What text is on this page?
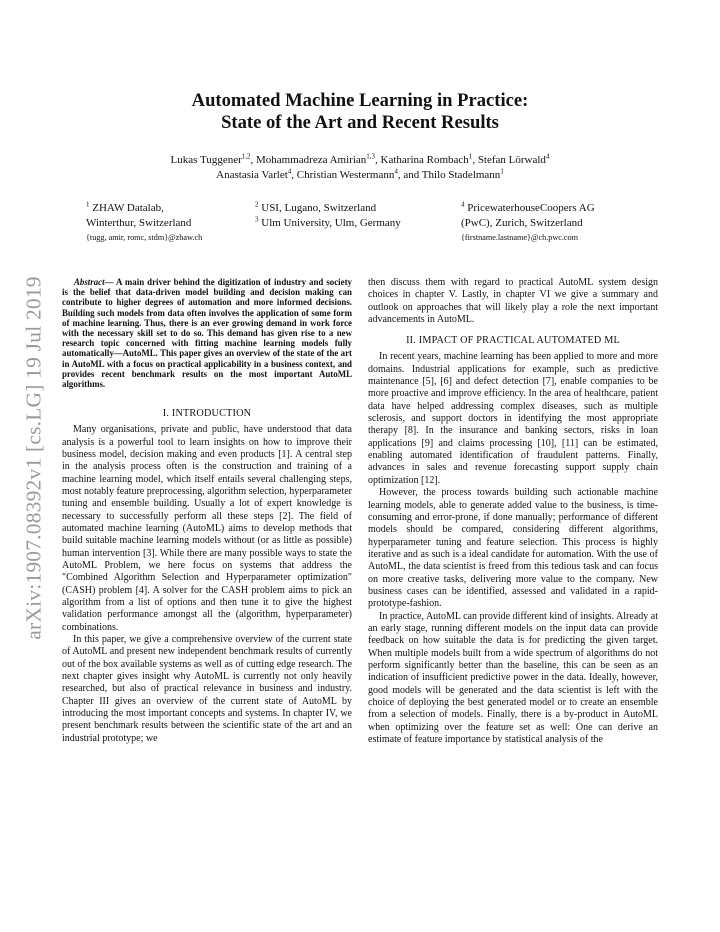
arXiv:1907.08392v1 [cs.LG] 19 Jul 2019
Automated Machine Learning in Practice:
State of the Art and Recent Results
Lukas Tuggener$^{1,2}$, Mohammadreza Amirian$^{1,3}$, Katharina Rombach$^1$, Stefan Lörwald$^4$
Anastasia Varlet$^4$, Christian Westermann$^4$, and Thilo Stadelmann$^1$
$^1$ ZHAW Datalab,
Winterthur, Switzerland
{tugg, amir, romc, stdm}@zhaw.ch
$^2$ USI, Lugano, Switzerland
$^3$ Ulm University, Ulm, Germany
$^4$ PricewaterhouseCoopers AG
(PwC), Zurich, Switzerland
{firstname.lastname}@ch.pwc.com

Abstract— A main driver behind the digitization of industry and society is the belief that data-driven model building and decision making can contribute to higher degrees of automation and more informed decisions. Building such models from data often involves the application of some form of machine learning. Thus, there is an ever growing demand in work force with the necessary skill set to do so. This demand has given rise to a new research topic concerned with fitting machine learning models fully automatically—AutoML. This paper gives an overview of the state of the art in AutoML with a focus on practical applicability in a business context, and provides recent benchmark results on the most important AutoML algorithms.

I. INTRODUCTION

Many organisations, private and public, have understood that data analysis is a powerful tool to learn insights on how to improve their business model, decision making and even products [1]. A central step in the analysis process often is the construction and training of a machine learning model, which itself entails several challenging steps, most notably feature preprocessing, algorithm selection, hyperparameter tuning and ensemble building. Usually a lot of expert knowledge is necessary to successfully perform all these steps [2]. The field of automated machine learning (AutoML) aims to develop methods that build suitable machine learning models without (or as little as possible) human intervention [3]. While there are many possible ways to state the AutoML Problem, we here focus on systems that address the "Combined Algorithm Selection and Hyperparameter optimization" (CASH) problem [4]. A solver for the CASH problem aims to pick an algorithm from a list of options and then tune it to give the highest validation performance amongst all the (algorithm, hyperparameter) combinations.

In this paper, we give a comprehensive overview of the current state of AutoML and present new independent benchmark results of currently out of the box available systems as well as of cutting edge research. The next chapter gives insight why AutoML is currently not only heavily researched, but also of practical relevance in business and industry. Chapter III gives an overview of the current state of AutoML by introducing the most important concepts and systems. In chapter IV, we present benchmark results between the scientific state of the art and an industrial prototype; we

then discuss them with regard to practical AutoML system design choices in chapter V. Lastly, in chapter VI we give a summary and outlook on approaches that will likely play a role the next important advancements in AutoML.

II. IMPACT OF PRACTICAL AUTOMATED ML

In recent years, machine learning has been applied to more and more domains. Industrial applications for example, such as predictive maintenance [5], [6] and defect detection [7], enable companies to be more proactive and improve efficiency. In the area of healthcare, patient data have helped addressing complex diseases, such as multiple sclerosis, and support doctors in identifying the most appropriate therapy [8]. In the insurance and banking sectors, risks in loan applications [9] and claims processing [10], [11] can be estimated, enabling automated identification of fraudulent patterns. Finally, advances in sales and revenue forecasting support supply chain optimization [12].

However, the process towards building such actionable machine learning models, able to generate added value to the business, is time-consuming and error-prone, if done manually; performance of different models should be compared, considering different algorithms, hyperparameter tuning and feature selection. This process is highly iterative and as such is a ideal candidate for automation. With the use of AutoML, the data scientist is freed from this tedious task and can focus on more creative tasks, delivering more value to the company. New business cases can be identified, assessed and validated in a rapid-prototype-fashion.

In practice, AutoML can provide different kind of insights. Already at an early stage, running different models on the input data can provide feedback on how suitable the data is for predicting the given target. When multiple models built from a wide spectrum of algorithms do not perform significantly better than the baseline, this can be seen as an indication of insufficient predictive power in the data. Ideally, however, good models will be generated and the data scientist is left with the choice of deploying the best generated model or to create an ensemble from a selection of models. Finally, there is a by-product in AutoML when optimizing over the feature set as well: One can derive an estimate of feature importance by statistical analysis of the
